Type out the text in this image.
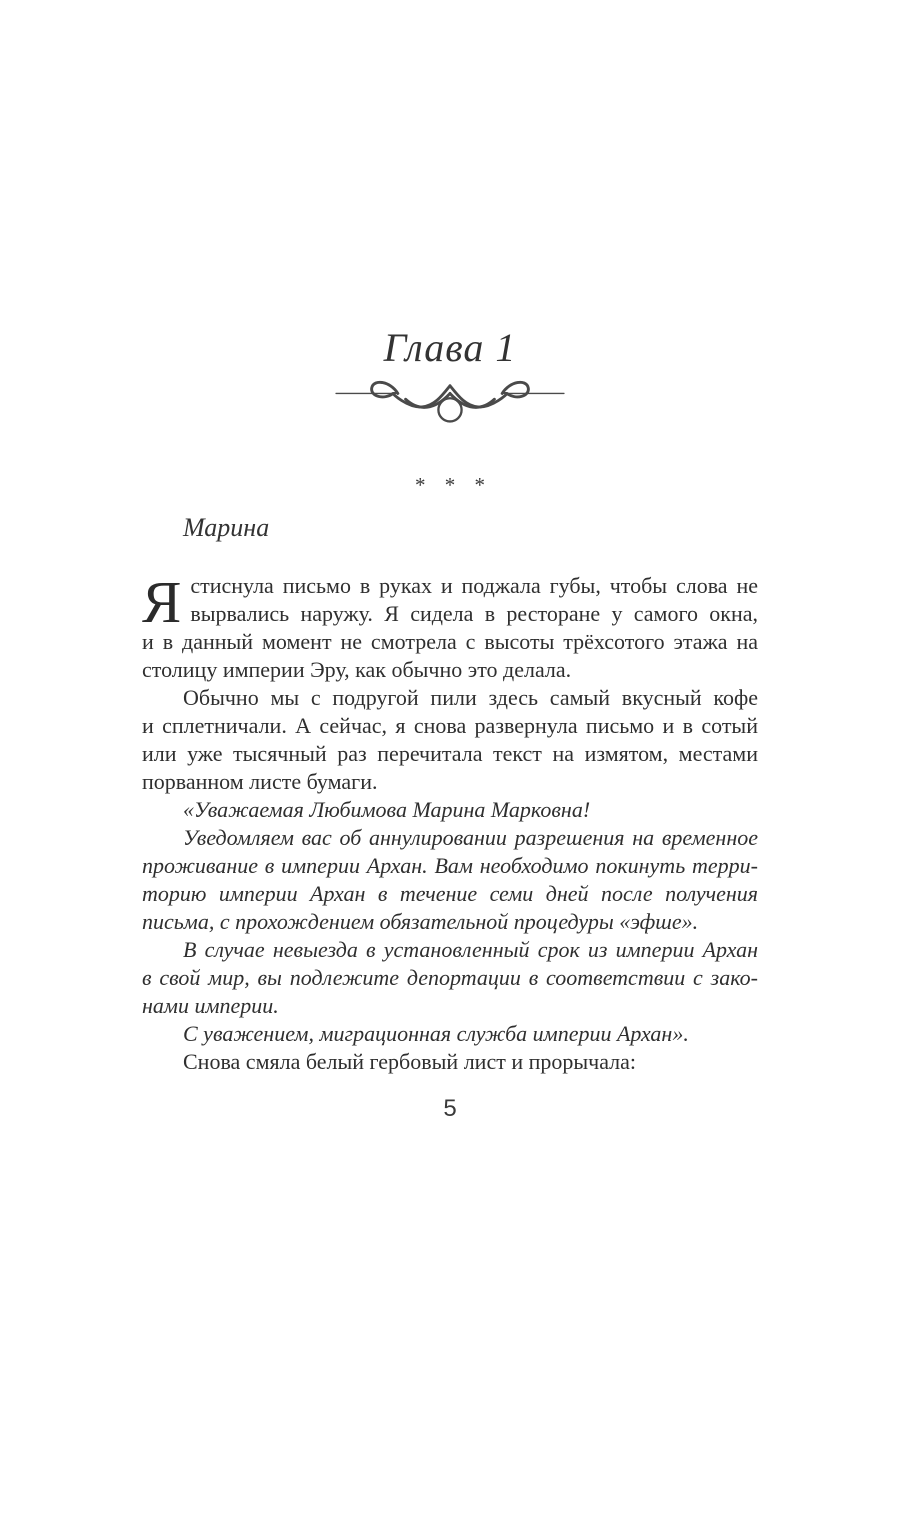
Глава 1
* * *
Марина
Я стиснула письмо в руках и поджала губы, чтобы слова не
вырвались наружу. Я сидела в ресторане у самого окна,
и в данный момент не смотрела с высоты трёхсотого этажа на
столицу империи Эру, как обычно это делала.
Обычно мы с подругой пили здесь самый вкусный кофе
и сплетничали. А сейчас, я снова развернула письмо и в сотый
или уже тысячный раз перечитала текст на измятом, местами
порванном листе бумаги.
«Уважаемая Любимова Марина Марковна!
Уведомляем вас об аннулировании разрешения на временное
проживание в империи Архан. Вам необходимо покинуть терри-
торию империи Архан в течение семи дней после получения
письма, с прохождением обязательной процедуры «эфше».
В случае невыезда в установленный срок из империи Архан
в свой мир, вы подлежите депортации в соответствии с зако-
нами империи.
С уважением, миграционная служба империи Архан».
Снова смяла белый гербовый лист и прорычала:
5
